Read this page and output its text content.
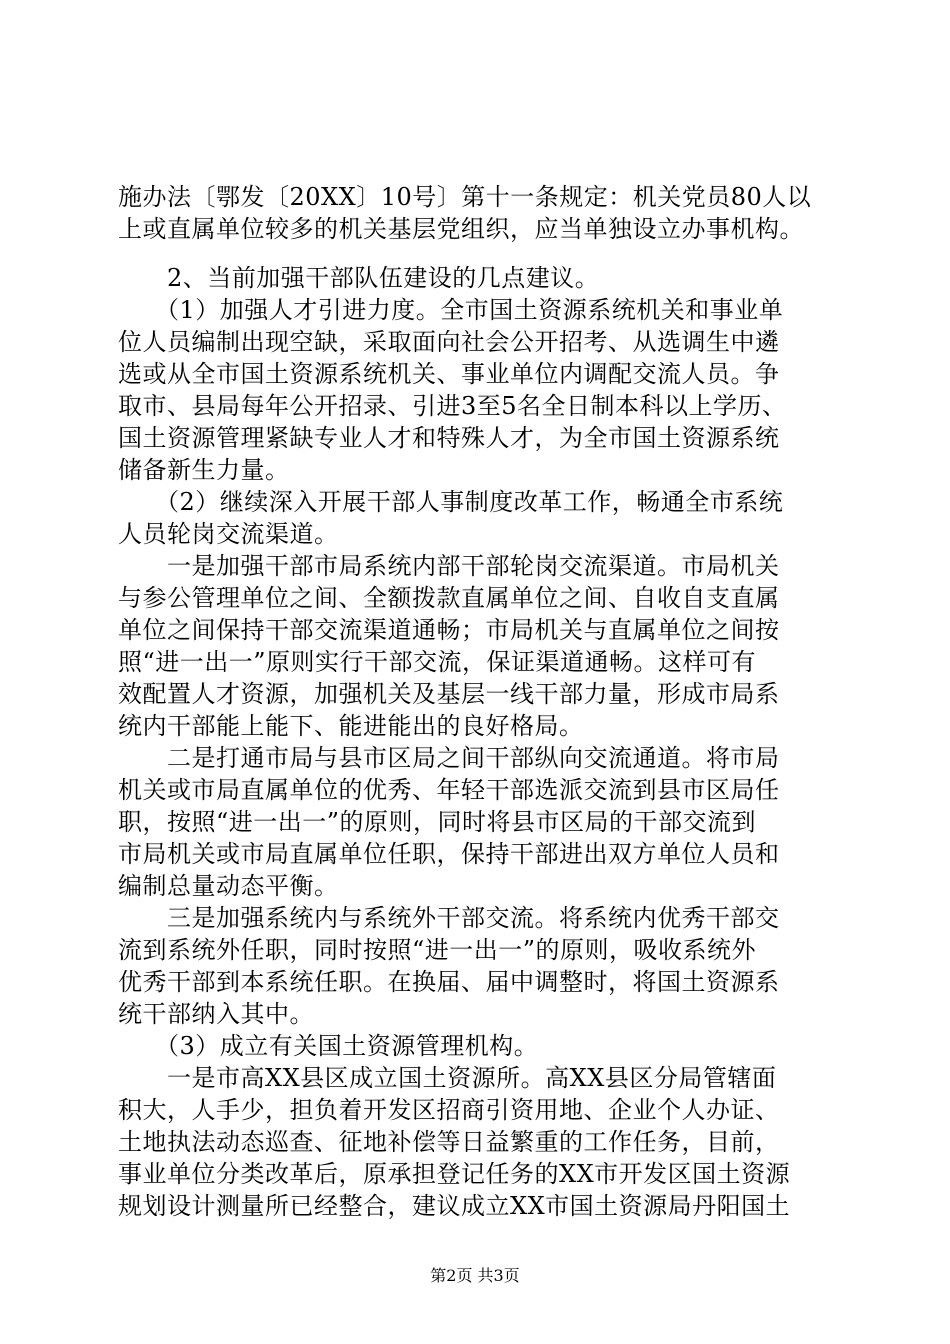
施办法〔鄂发〔20XX〕10号〕第十一条规定：机关党员80人以
上或直属单位较多的机关基层党组织，应当单独设立办事机构。
　　2、当前加强干部队伍建设的几点建议。
　　（1）加强人才引进力度。全市国土资源系统机关和事业单
位人员编制出现空缺，采取面向社会公开招考、从选调生中遴
选或从全市国土资源系统机关、事业单位内调配交流人员。争
取市、县局每年公开招录、引进3至5名全日制本科以上学历、
国土资源管理紧缺专业人才和特殊人才，为全市国土资源系统
储备新生力量。
　　（2）继续深入开展干部人事制度改革工作，畅通全市系统
人员轮岗交流渠道。
　　一是加强干部市局系统内部干部轮岗交流渠道。市局机关
与参公管理单位之间、全额拨款直属单位之间、自收自支直属
单位之间保持干部交流渠道通畅；市局机关与直属单位之间按
照“进一出一”原则实行干部交流，保证渠道通畅。这样可有
效配置人才资源，加强机关及基层一线干部力量，形成市局系
统内干部能上能下、能进能出的良好格局。
　　二是打通市局与县市区局之间干部纵向交流通道。将市局
机关或市局直属单位的优秀、年轻干部选派交流到县市区局任
职，按照“进一出一”的原则，同时将县市区局的干部交流到
市局机关或市局直属单位任职，保持干部进出双方单位人员和
编制总量动态平衡。
　　三是加强系统内与系统外干部交流。将系统内优秀干部交
流到系统外任职，同时按照“进一出一”的原则，吸收系统外
优秀干部到本系统任职。在换届、届中调整时，将国土资源系
统干部纳入其中。
　　（3）成立有关国土资源管理机构。
　　一是市高XX县区成立国土资源所。高XX县区分局管辖面
积大，人手少，担负着开发区招商引资用地、企业个人办证、
土地执法动态巡查、征地补偿等日益繁重的工作任务，目前，
事业单位分类改革后，原承担登记任务的XX市开发区国土资源
规划设计测量所已经整合，建议成立XX市国土资源局丹阳国土
第2页 共3页
